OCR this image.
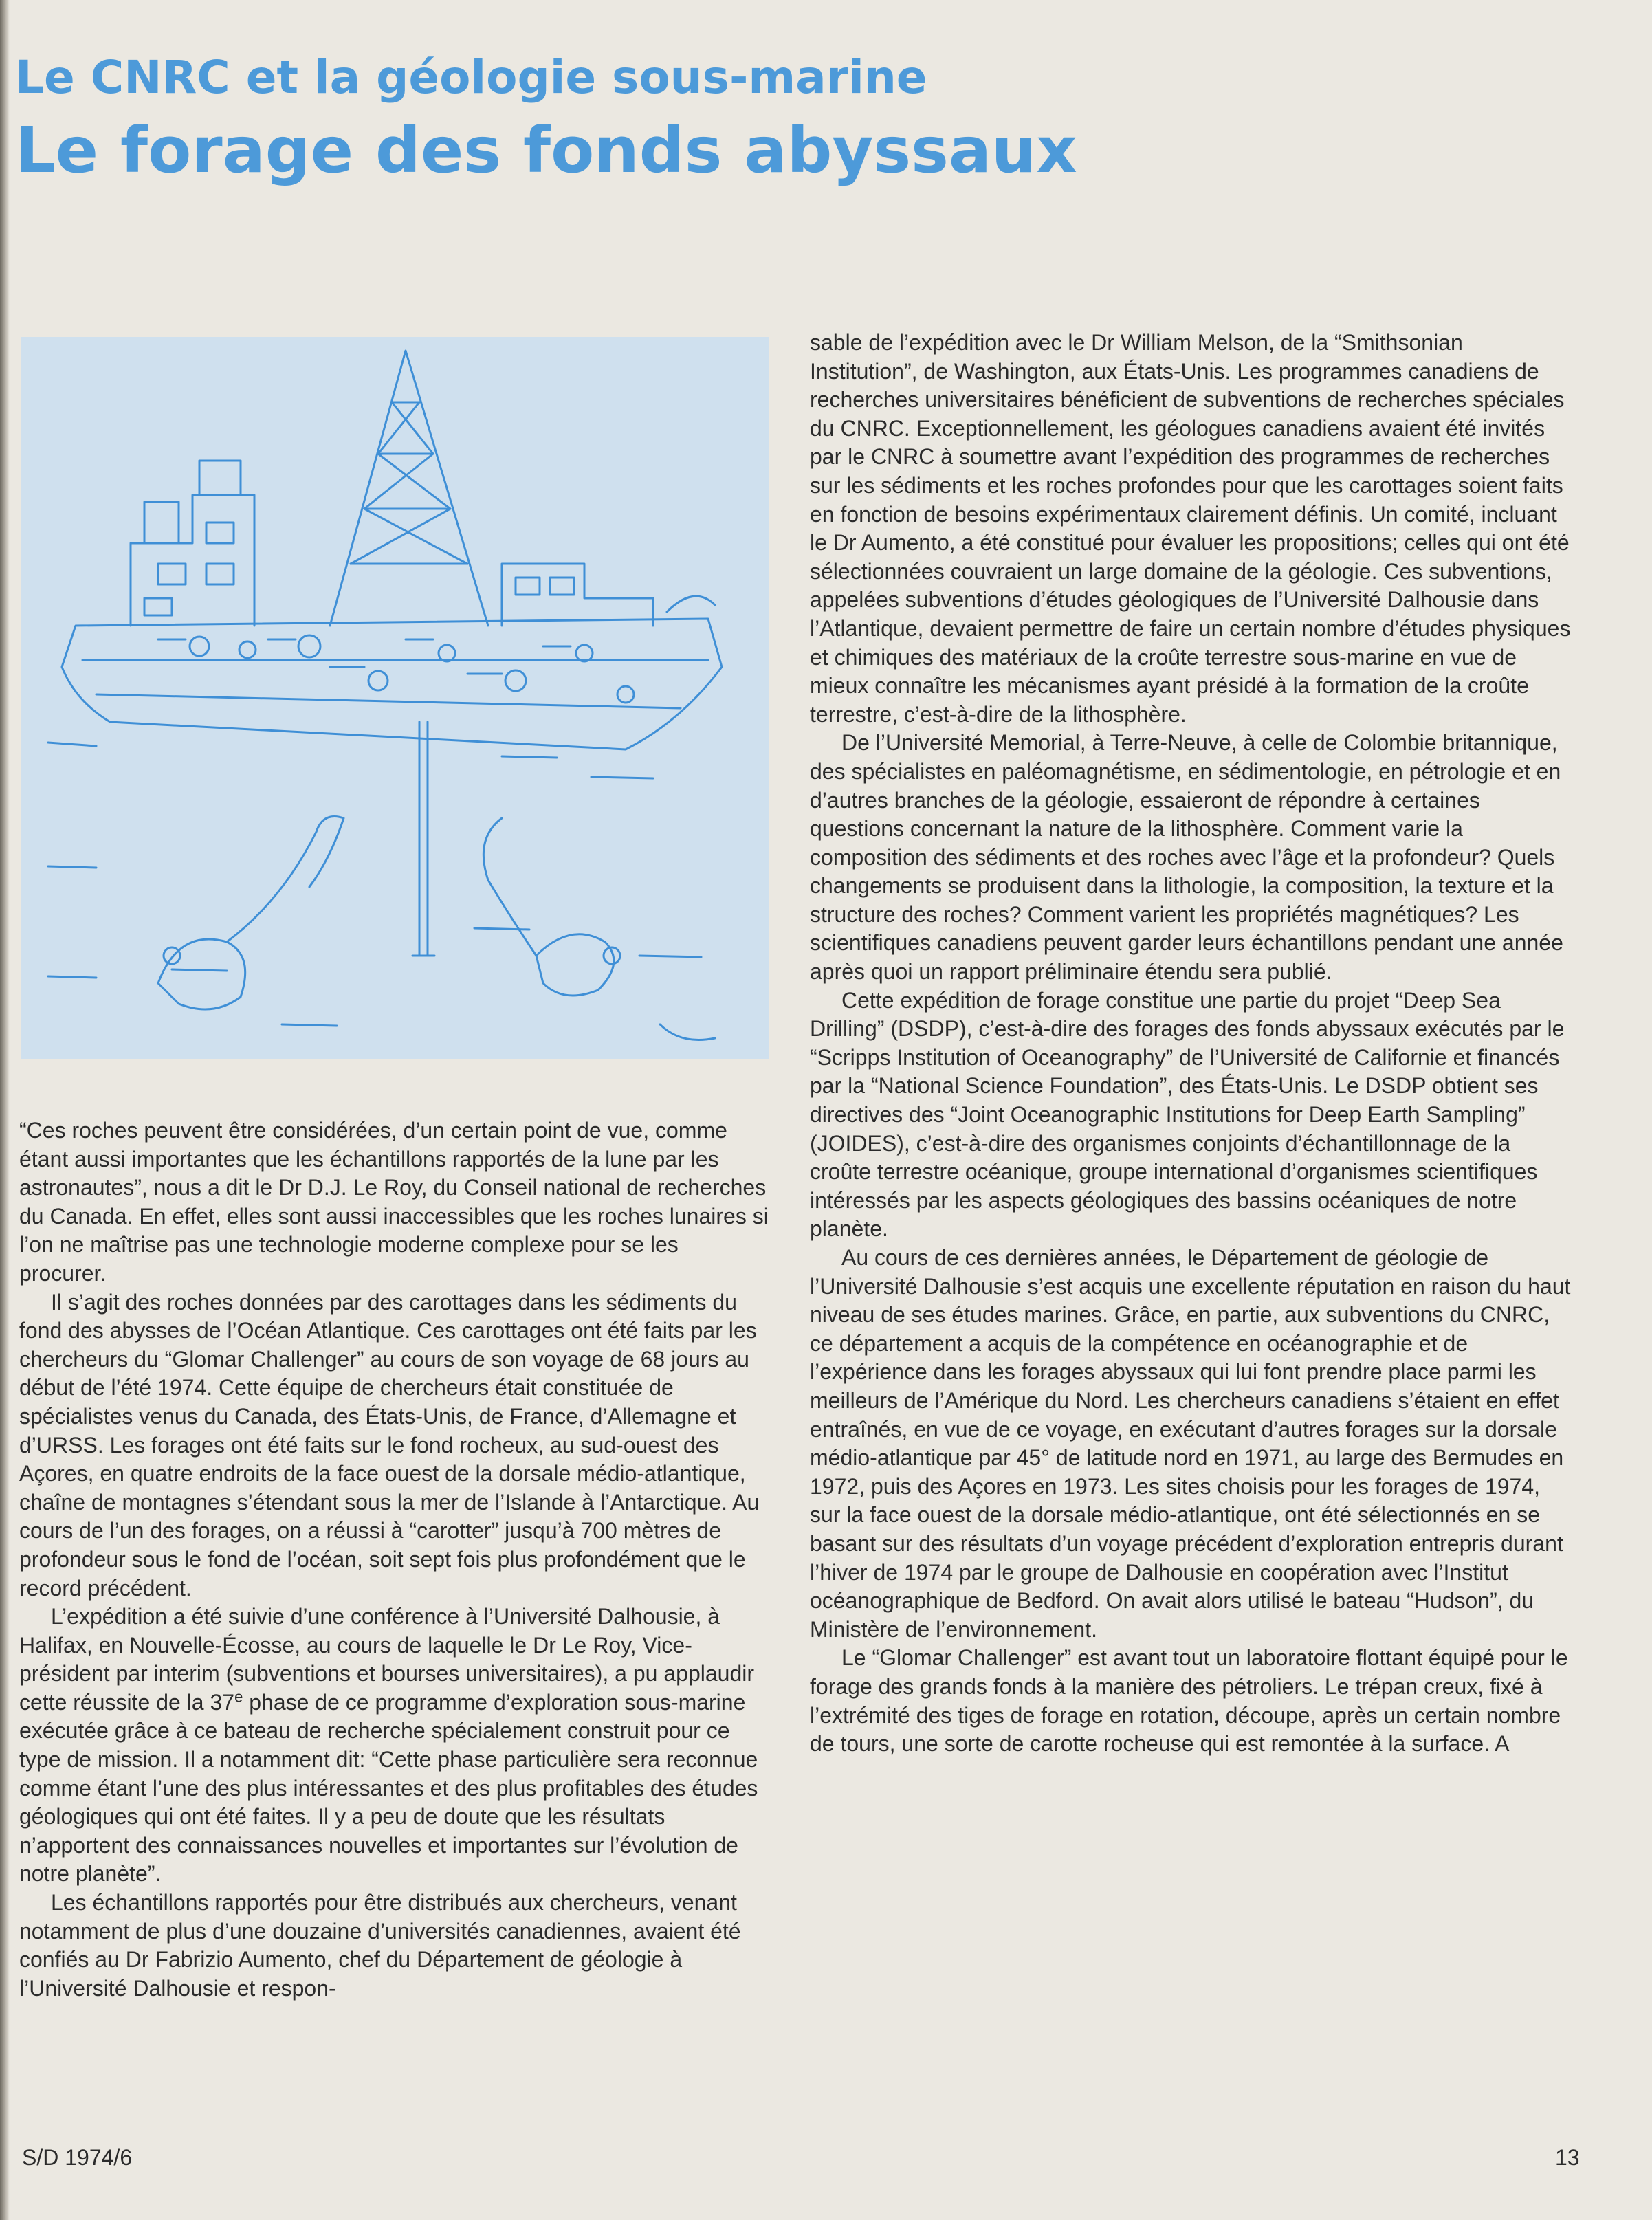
Le CNRC et la géologie sous-marine
Le forage des fonds abyssaux

“Ces roches peuvent être considérées, d’un certain point de vue, comme étant aussi importantes que les échantillons rapportés de la lune par les astronautes”, nous a dit le Dr D.J. Le Roy, du Conseil national de recherches du Canada. En effet, elles sont aussi inaccessibles que les roches lunaires si l’on ne maîtrise pas une technologie moderne complexe pour se les procurer.

Il s’agit des roches données par des carottages dans les sédiments du fond des abysses de l’Océan Atlantique. Ces carottages ont été faits par les chercheurs du “Glomar Challenger” au cours de son voyage de 68 jours au début de l’été 1974. Cette équipe de chercheurs était constituée de spécialistes venus du Canada, des États-Unis, de France, d’Allemagne et d’URSS. Les forages ont été faits sur le fond rocheux, au sud-ouest des Açores, en quatre endroits de la face ouest de la dorsale médio-atlantique, chaîne de montagnes s’étendant sous la mer de l’Islande à l’Antarctique. Au cours de l’un des forages, on a réussi à “carotter” jusqu’à 700 mètres de profondeur sous le fond de l’océan, soit sept fois plus profondément que le record précédent.

L’expédition a été suivie d’une conférence à l’Université Dalhousie, à Halifax, en Nouvelle-Écosse, au cours de laquelle le Dr Le Roy, Vice-président par interim (subventions et bourses universitaires), a pu applaudir cette réussite de la 37e phase de ce programme d’exploration sous-marine exécutée grâce à ce bateau de recherche spécialement construit pour ce type de mission. Il a notamment dit: “Cette phase particulière sera reconnue comme étant l’une des plus intéressantes et des plus profitables des études géologiques qui ont été faites. Il y a peu de doute que les résultats n’apportent des connaissances nouvelles et importantes sur l’évolution de notre planète”.

Les échantillons rapportés pour être distribués aux chercheurs, venant notamment de plus d’une douzaine d’universités canadiennes, avaient été confiés au Dr Fabrizio Aumento, chef du Département de géologie à l’Université Dalhousie et respon-

sable de l’expédition avec le Dr William Melson, de la “Smithsonian Institution”, de Washington, aux États-Unis. Les programmes canadiens de recherches universitaires bénéficient de subventions de recherches spéciales du CNRC. Exceptionnellement, les géologues canadiens avaient été invités par le CNRC à soumettre avant l’expédition des programmes de recherches sur les sédiments et les roches profondes pour que les carottages soient faits en fonction de besoins expérimentaux clairement définis. Un comité, incluant le Dr Aumento, a été constitué pour évaluer les propositions; celles qui ont été sélectionnées couvraient un large domaine de la géologie. Ces subventions, appelées subventions d’études géologiques de l’Université Dalhousie dans l’Atlantique, devaient permettre de faire un certain nombre d’études physiques et chimiques des matériaux de la croûte terrestre sous-marine en vue de mieux connaître les mécanismes ayant présidé à la formation de la croûte terrestre, c’est-à-dire de la lithosphère.

De l’Université Memorial, à Terre-Neuve, à celle de Colombie britannique, des spécialistes en paléomagnétisme, en sédimentologie, en pétrologie et en d’autres branches de la géologie, essaieront de répondre à certaines questions concernant la nature de la lithosphère. Comment varie la composition des sédiments et des roches avec l’âge et la profondeur? Quels changements se produisent dans la lithologie, la composition, la texture et la structure des roches? Comment varient les propriétés magnétiques? Les scientifiques canadiens peuvent garder leurs échantillons pendant une année après quoi un rapport préliminaire étendu sera publié.

Cette expédition de forage constitue une partie du projet “Deep Sea Drilling” (DSDP), c’est-à-dire des forages des fonds abyssaux exécutés par le “Scripps Institution of Oceanography” de l’Université de Californie et financés par la “National Science Foundation”, des États-Unis. Le DSDP obtient ses directives des “Joint Oceanographic Institutions for Deep Earth Sampling” (JOIDES), c’est-à-dire des organismes conjoints d’échantillonnage de la croûte terrestre océanique, groupe international d’organismes scientifiques intéressés par les aspects géologiques des bassins océaniques de notre planète.

Au cours de ces dernières années, le Département de géologie de l’Université Dalhousie s’est acquis une excellente réputation en raison du haut niveau de ses études marines. Grâce, en partie, aux subventions du CNRC, ce département a acquis de la compétence en océanographie et de l’expérience dans les forages abyssaux qui lui font prendre place parmi les meilleurs de l’Amérique du Nord. Les chercheurs canadiens s’étaient en effet entraînés, en vue de ce voyage, en exécutant d’autres forages sur la dorsale médio-atlantique par 45° de latitude nord en 1971, au large des Bermudes en 1972, puis des Açores en 1973. Les sites choisis pour les forages de 1974, sur la face ouest de la dorsale médio-atlantique, ont été sélectionnés en se basant sur des résultats d’un voyage précédent d’exploration entrepris durant l’hiver de 1974 par le groupe de Dalhousie en coopération avec l’Institut océanographique de Bedford. On avait alors utilisé le bateau “Hudson”, du Ministère de l’environnement.

Le “Glomar Challenger” est avant tout un laboratoire flottant équipé pour le forage des grands fonds à la manière des pétroliers. Le trépan creux, fixé à l’extrémité des tiges de forage en rotation, découpe, après un certain nombre de tours, une sorte de carotte rocheuse qui est remontée à la surface. A

S/D 1974/6	13
